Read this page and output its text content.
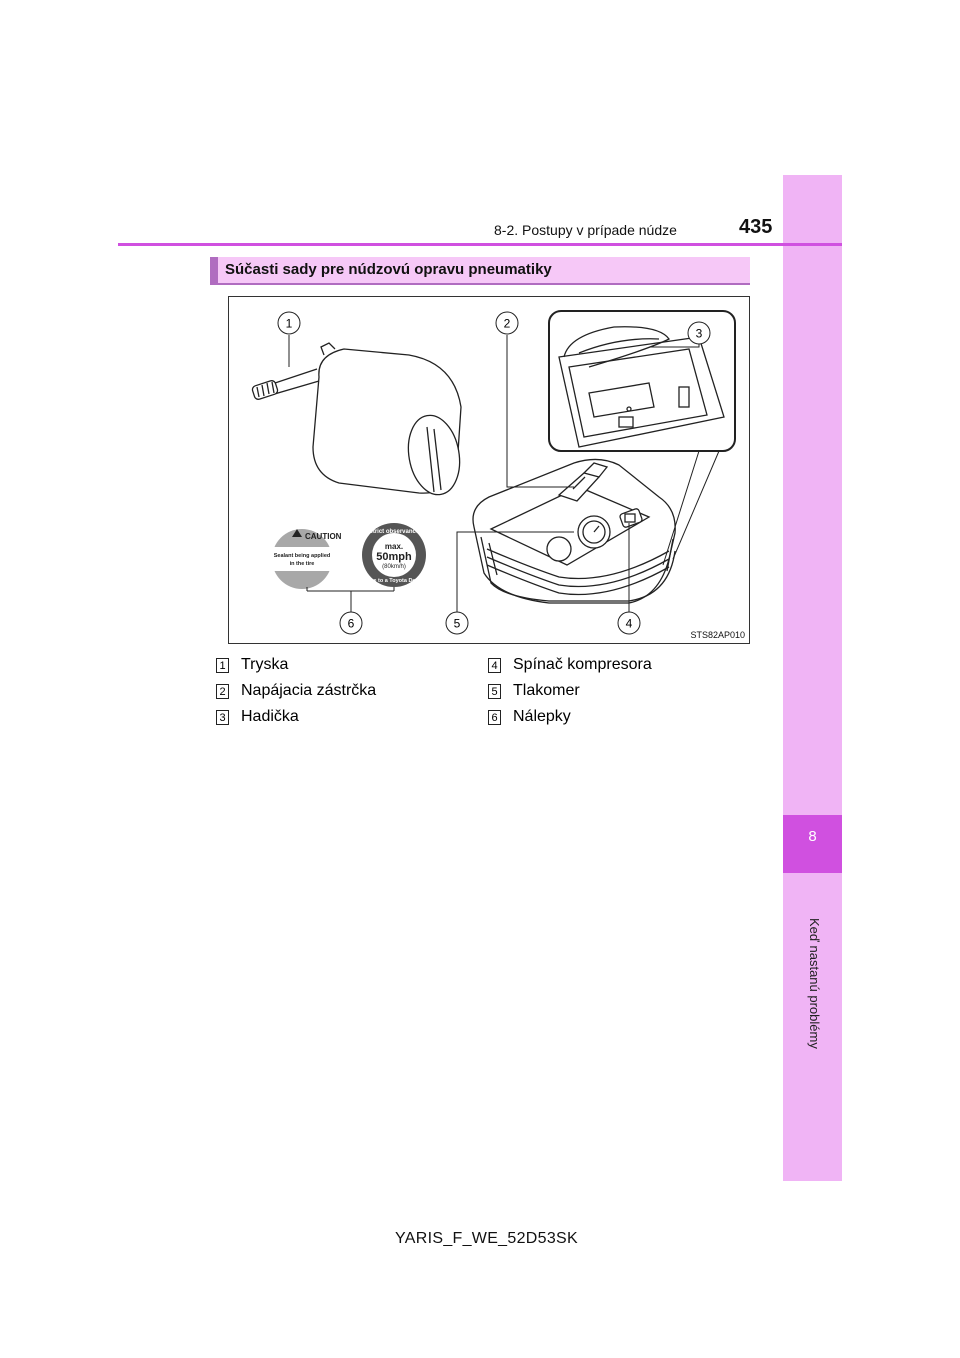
8
Keď nastanú problémy
8-2. Postupy v prípade núdze	435
Súčasti sady pre núdzovú opravu pneumatiky
CAUTION
Sealant being applied
in the tire
Strict observance
max.
50mph
(80km/h)
Drive to a Toyota Dealer
1	2
3
4
5
6
STS82AP010
1 Tryska
2 Napájacia zástrčka
3 Hadička
4 Spínač kompresora
5 Tlakomer
6 Nálepky
YARIS_F_WE_52D53SK
